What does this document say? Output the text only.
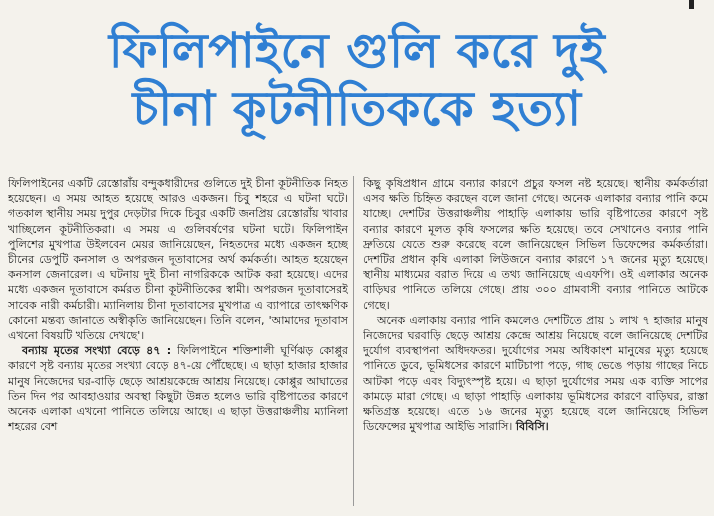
ফিলিপাইনে গুলি করে দুই
চীনা কূটনীতিককে হত্যা

ফিলিপাইনের একটি রেস্তোরাঁয় বন্দুকধারীদের গুলিতে দুই চীনা কূটনীতিক নিহত হয়েছেন। এ সময় আহত হয়েছে আরও একজন। চিবু শহরে এ ঘটনা ঘটে। গতকাল স্থানীয় সময় দুপুর দেড়টার দিকে চিবুর একটি জনপ্রিয় রেস্তোরাঁয় খাবার খাচ্ছিলেন কূটনীতিকরা। এ সময় এ গুলিবর্ষণের ঘটনা ঘটে। ফিলিপাইন পুলিশের মুখপাত্র উইলবেন মেয়র জানিয়েছেন, নিহতদের মধ্যে একজন হচ্ছে চীনের ডেপুটি কনসাল ও অপরজন দূতাবাসের অর্থ কর্মকর্তা। আহত হয়েছেন কনসাল জেনারেল। এ ঘটনায় দুই চীনা নাগরিককে আটক করা হয়েছে। এদের মধ্যে একজন দূতাবাসে কর্মরত চীনা কূটনীতিকের স্বামী। অপরজন দূতাবাসেরই সাবেক নারী কর্মচারী। ম্যানিলায় চীনা দূতাবাসের মুখপাত্র এ ব্যাপারে তাৎক্ষণিক কোনো মন্তব্য জানাতে অস্বীকৃতি জানিয়েছেন। তিনি বলেন, 'আমাদের দূতাবাস এখনো বিষয়টি খতিয়ে দেখছে'।

বন্যায় মৃতের সংখ্যা বেড়ে ৪৭ : ফিলিপাইনে শক্তিশালী ঘূর্ণিঝড় কোপ্পুর কারণে সৃষ্ট বন্যায় মৃতের সংখ্যা বেড়ে ৪৭-য়ে পৌঁছেছে। এ ছাড়া হাজার হাজার মানুষ নিজেদের ঘর-বাড়ি ছেড়ে আশ্রয়কেন্দ্রে আশ্রয় নিয়েছে। কোপ্পুর আঘাতের তিন দিন পর আবহাওয়ার অবস্থা কিছুটা উন্নত হলেও ভারি বৃষ্টিপাতের কারণে অনেক এলাকা এখনো পানিতে তলিয়ে আছে। এ ছাড়া উত্তরাঞ্চলীয় ম্যানিলা শহরের বেশ

কিছু কৃষিপ্রধান গ্রামে বন্যার কারণে প্রচুর ফসল নষ্ট হয়েছে। স্থানীয় কর্মকর্তারা এসব ক্ষতি চিহ্নিত করছেন বলে জানা গেছে। অনেক এলাকার বন্যার পানি কমে যাচ্ছে। দেশটির উত্তরাঞ্চলীয় পাহাড়ি এলাকায় ভারি বৃষ্টিপাতের কারণে সৃষ্ট বন্যার কারণে মূলত কৃষি ফসলের ক্ষতি হয়েছে। তবে সেখানেও বন্যার পানি দ্রুতিয়ে যেতে শুরু করেছে বলে জানিয়েছেন সিভিল ডিফেন্সের কর্মকর্তারা। দেশটির প্রধান কৃষি এলাকা লিউজনে বন্যার কারণে ১৭ জনের মৃত্যু হয়েছে। স্থানীয় মাধ্যমের বরাত দিয়ে এ তথ্য জানিয়েছে এএফপি। ওই এলাকার অনেক বাড়িঘর পানিতে তলিয়ে গেছে। প্রায় ৩০০ গ্রামবাসী বন্যার পানিতে আটকে গেছে।

অনেক এলাকায় বন্যার পানি কমলেও দেশটিতে প্রায় ১ লাখ ৭ হাজার মানুষ নিজেদের ঘরবাড়ি ছেড়ে আশ্রয় কেন্দ্রে আশ্রয় নিয়েছে বলে জানিয়েছে দেশটির দুর্যোগ ব্যবস্থাপনা অধিদফতর। দুর্যোগের সময় অধিকাংশ মানুষের মৃত্যু হয়েছে পানিতে ডুবে, ভূমিধসের কারণে মাটিচাপা পড়ে, গাছ ভেঙে পড়ায় গাছের নিচে আটকা পড়ে এবং বিদ্যুৎস্পৃষ্ট হয়ে। এ ছাড়া দুর্যোগের সময় এক ব্যক্তি সাপের কামড়ে মারা গেছে। এ ছাড়া পাহাড়ি এলাকায় ভূমিধসের কারণে বাড়িঘর, রাস্তা ক্ষতিগ্রস্ত হয়েছে। এতে ১৬ জনের মৃত্যু হয়েছে বলে জানিয়েছে সিভিল ডিফেন্সের মুখপাত্র আইভি সারাসি। বিবিসি।
